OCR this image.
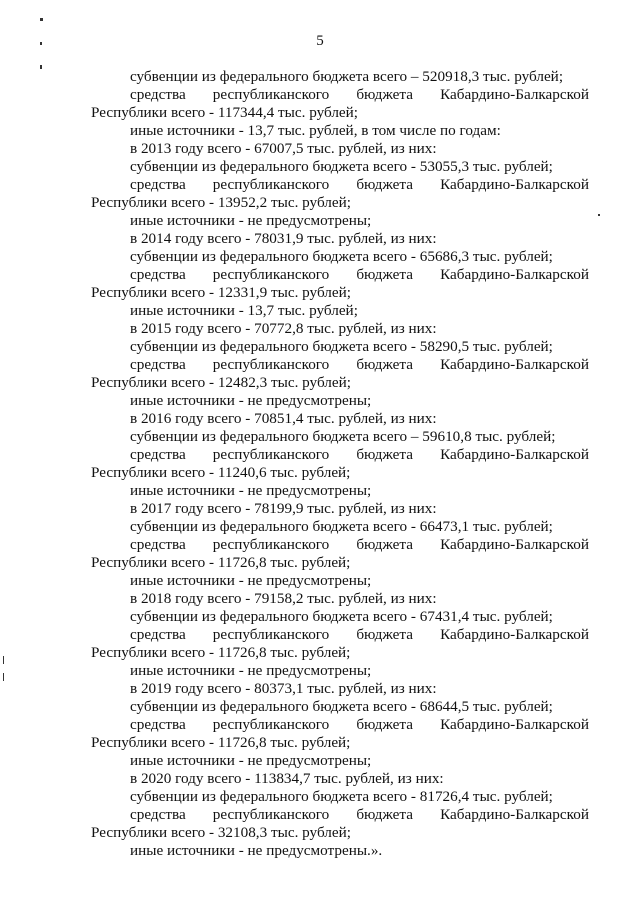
5
субвенции из федерального бюджета всего – 520918,3 тыс. рублей;
средства республиканского бюджета Кабардино-Балкарской
Республики всего - 117344,4 тыс. рублей;
иные источники - 13,7 тыс. рублей, в том числе по годам:
в 2013 году всего - 67007,5 тыс. рублей, из них:
субвенции из федерального бюджета всего - 53055,3 тыс. рублей;
средства республиканского бюджета Кабардино-Балкарской
Республики всего - 13952,2 тыс. рублей;
иные источники - не предусмотрены;
в 2014 году всего - 78031,9 тыс. рублей, из них:
субвенции из федерального бюджета всего - 65686,3 тыс. рублей;
средства республиканского бюджета Кабардино-Балкарской
Республики всего - 12331,9 тыс. рублей;
иные источники - 13,7 тыс. рублей;
в 2015 году всего - 70772,8 тыс. рублей, из них:
субвенции из федерального бюджета всего - 58290,5 тыс. рублей;
средства республиканского бюджета Кабардино-Балкарской
Республики всего - 12482,3 тыс. рублей;
иные источники - не предусмотрены;
в 2016 году всего - 70851,4 тыс. рублей, из них:
субвенции из федерального бюджета всего – 59610,8 тыс. рублей;
средства республиканского бюджета Кабардино-Балкарской
Республики всего - 11240,6 тыс. рублей;
иные источники - не предусмотрены;
в 2017 году всего - 78199,9 тыс. рублей, из них:
субвенции из федерального бюджета всего - 66473,1 тыс. рублей;
средства республиканского бюджета Кабардино-Балкарской
Республики всего - 11726,8 тыс. рублей;
иные источники - не предусмотрены;
в 2018 году всего - 79158,2 тыс. рублей, из них:
субвенции из федерального бюджета всего - 67431,4 тыс. рублей;
средства республиканского бюджета Кабардино-Балкарской
Республики всего - 11726,8 тыс. рублей;
иные источники - не предусмотрены;
в 2019 году всего - 80373,1 тыс. рублей, из них:
субвенции из федерального бюджета всего - 68644,5 тыс. рублей;
средства республиканского бюджета Кабардино-Балкарской
Республики всего - 11726,8 тыс. рублей;
иные источники - не предусмотрены;
в 2020 году всего - 113834,7 тыс. рублей, из них:
субвенции из федерального бюджета всего - 81726,4 тыс. рублей;
средства республиканского бюджета Кабардино-Балкарской
Республики всего - 32108,3 тыс. рублей;
иные источники - не предусмотрены.».
